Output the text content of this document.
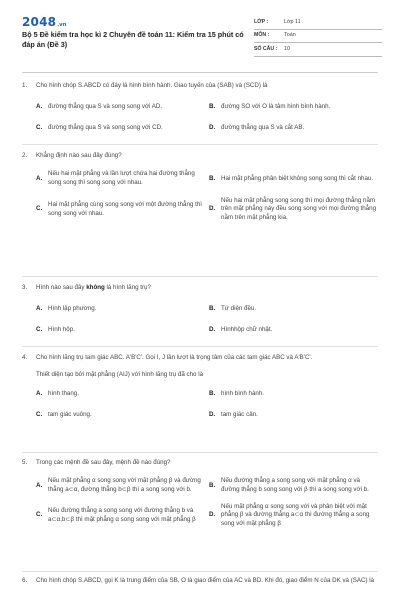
2048.vn
Bộ 5 Đề kiểm tra học kì 2 Chuyên đề toán 11: Kiểm tra 15 phút có đáp án (Đề 3)
LỚP :	Lớp 11
MÔN :	Toán
SỐ CÂU :	10
1.	Cho hình chóp S.ABCD có đáy là hình bình hành. Giao tuyến của (SAB) và (SCD) là
A. đường thẳng qua S và song song với AD.	B. đường SO với O là tâm hình bình hành.
C. đường thẳng qua S và song song với CD.	D. đường thẳng qua S và cắt AB.
2.	Khẳng định nào sau đây đúng?
A.
Nếu hai mặt phẳng và lần lượt chứa hai đường thẳng song song thì song song với nhau.
B. Hai mặt phẳng phân biệt không song song thì cắt nhau.
C.
Hai mặt phẳng cùng song song với một đường thẳng thì song song với nhau.
D.
Nếu hai mặt phẳng song song thì mọi đường thẳng nằm trên mặt phẳng này đều song song với mọi đường thẳng nằm trên mặt phẳng kia.
3.	Hình nào sau đây không là hình lăng trụ?
A. Hình lập phương.	B. Tứ diện đều.
C. Hình hộp.	D. Hìnhhộp chữ nhật.
4.	Cho hình lăng trụ tam giác ABC. A'B'C'. Gọi I, J lần lượt là trọng tâm của các tam giác ABC và A'B'C'.
Thiết diện tạo bởi mặt phẳng (AIJ) với hình lăng trụ đã cho là
A. hình thang.	B. hình bình hành.
C. tam giác vuông.	D. tam giác cân.
5.	Trong các mệnh đề sau đây, mệnh đề nào đúng?
A.
Nếu mặt phẳng α song song với mặt phẳng β và đường thẳng a⊂α, đường thẳng b⊂β thì a song song với b.
B.
Nếu đường thẳng a song song với mặt phẳng α và đường thẳng b song song với β thì a song song với b.
C.
Nếu đường thẳng a song song với đường thẳng b và a⊂α,b⊂β thì mặt phẳng α song song với mặt phẳng β
D.
Nếu mặt phẳng α song song với và phân biệt với mặt phẳng β và đường thẳng a⊂α thì đường thẳng a song song với mặt phẳng β
6.	Cho hình chóp S.ABCD, gọi K là trung điểm của SB, O là giao điểm của AC và BD. Khi đó, giao điểm N của DK và (SAC) là
